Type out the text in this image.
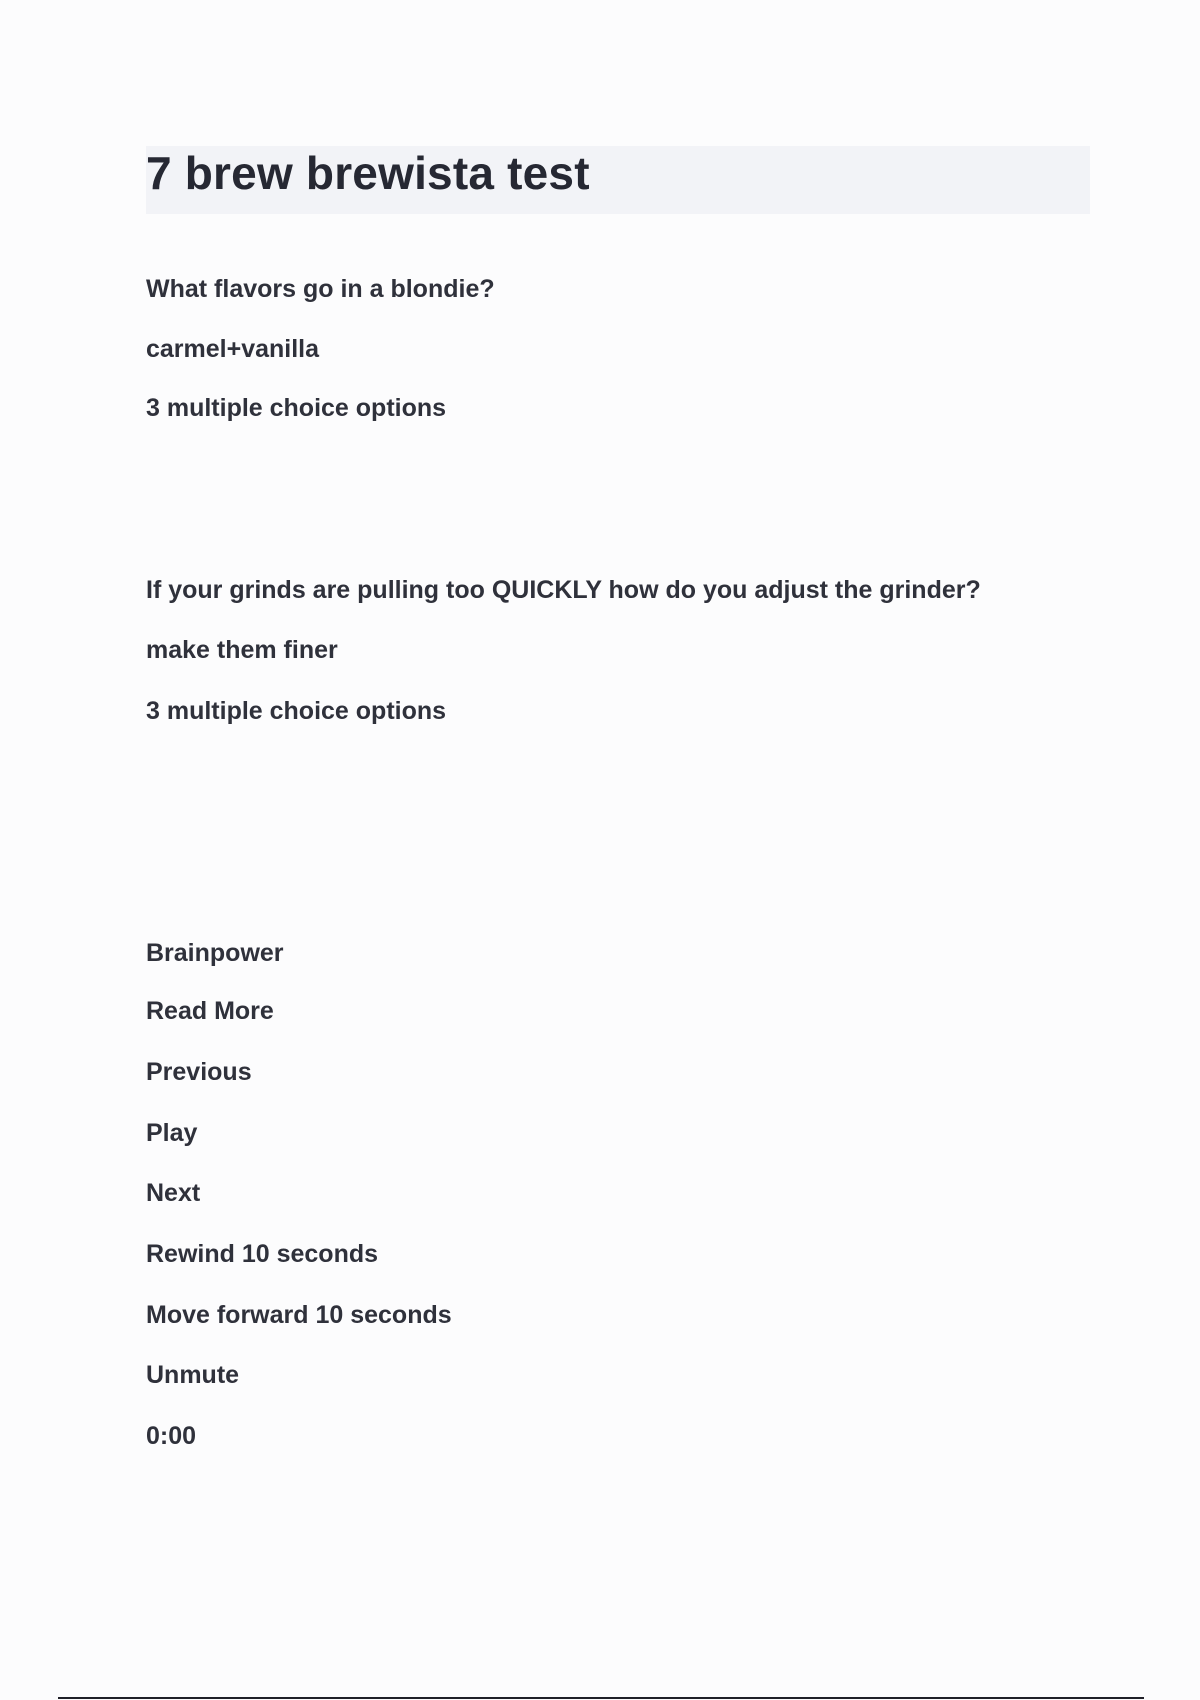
7 brew brewista test

What flavors go in a blondie?

carmel+vanilla

3 multiple choice options

If your grinds are pulling too QUICKLY how do you adjust the grinder?

make them finer

3 multiple choice options

Brainpower

Read More

Previous

Play

Next

Rewind 10 seconds

Move forward 10 seconds

Unmute

0:00
